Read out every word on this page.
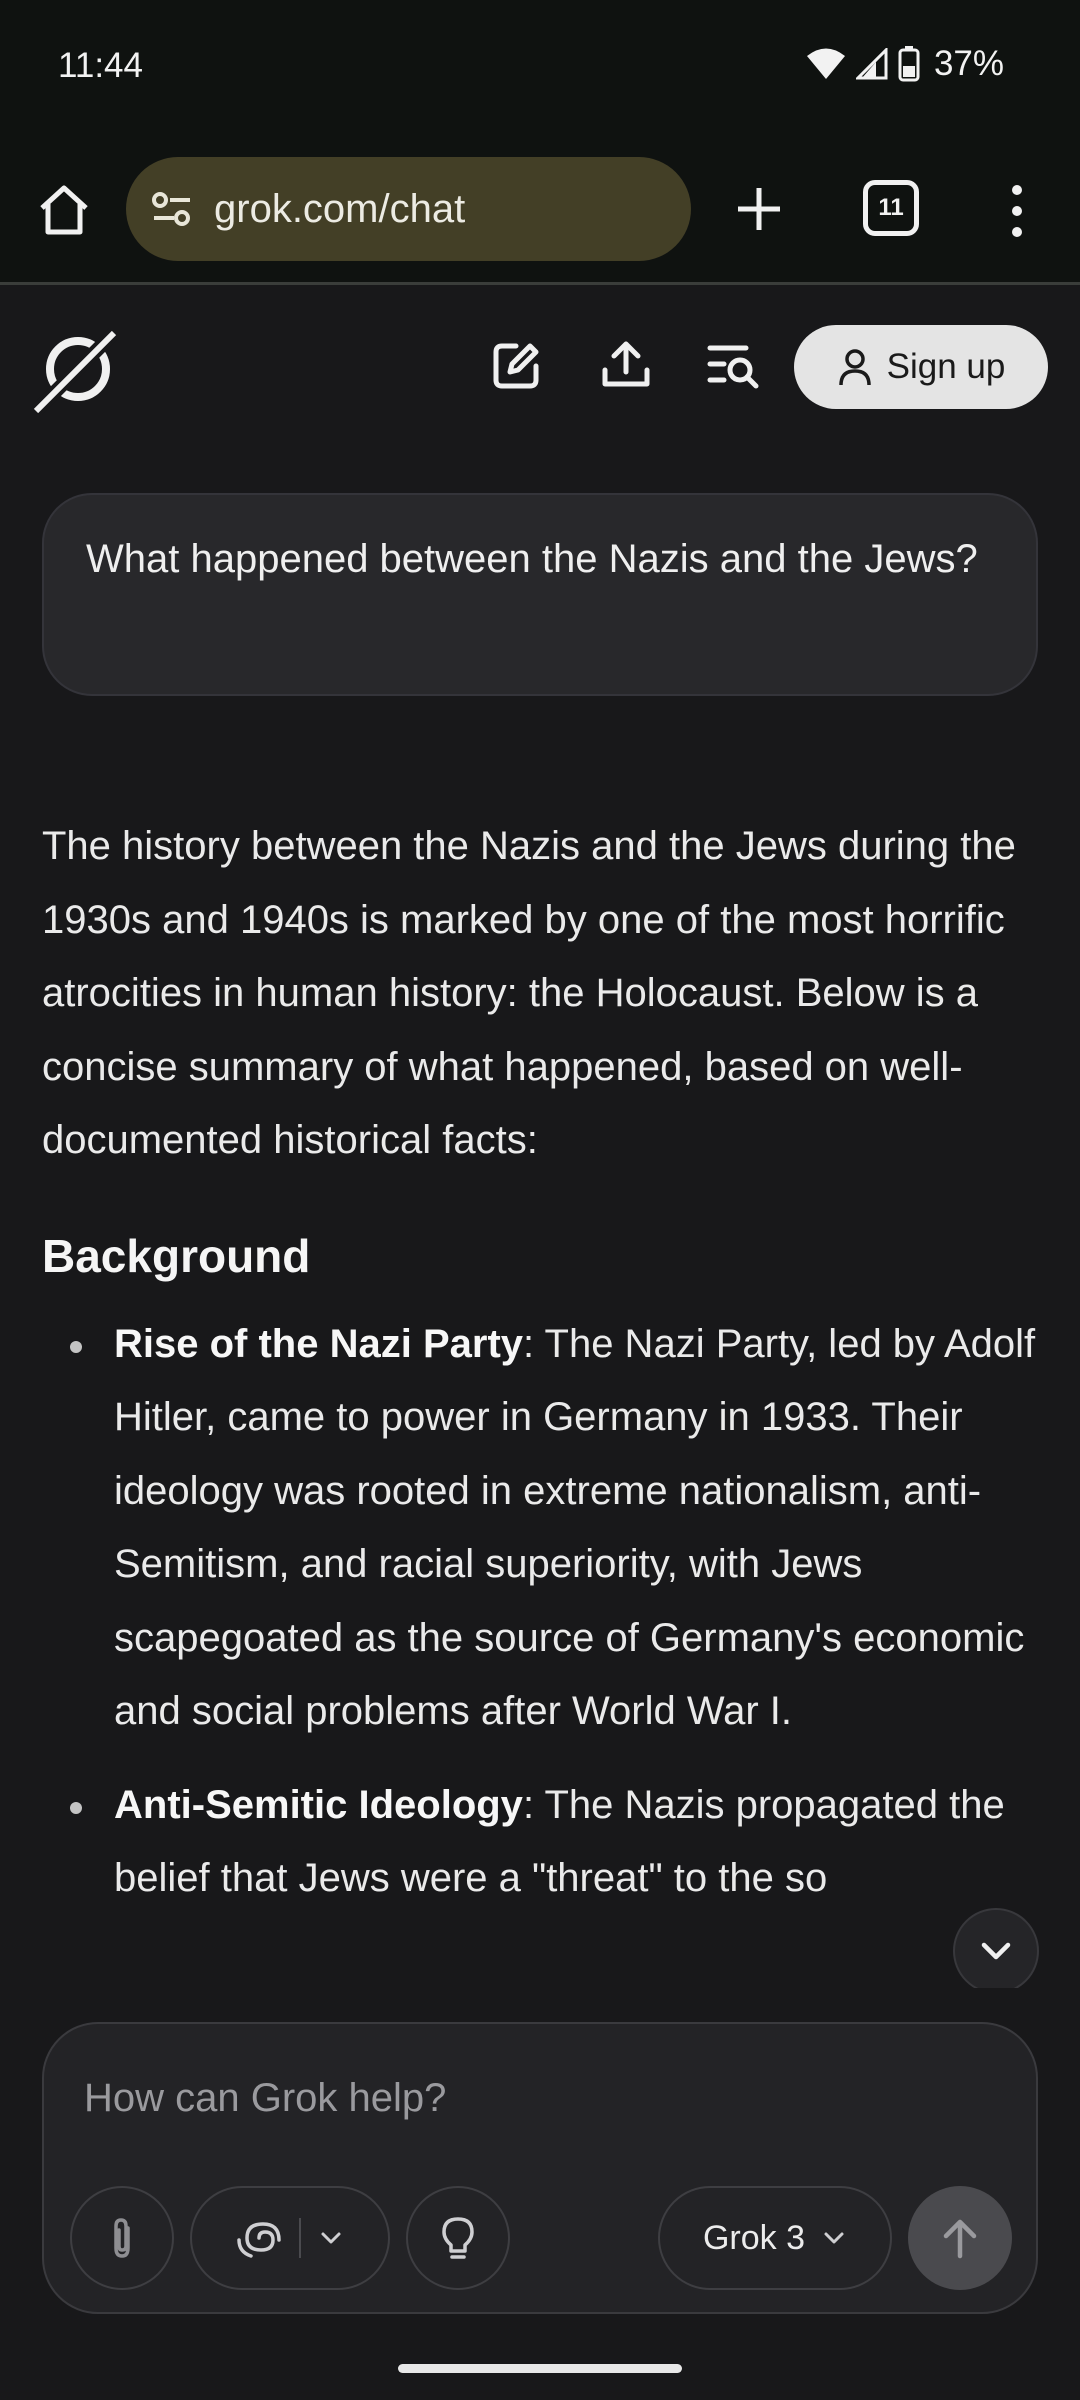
11:44	37%
grok.com/chat	11
Sign up
What happened between the Nazis and the Jews?

The history between the Nazis and the Jews during the 1930s and 1940s is marked by one of the most horrific atrocities in human history: the Holocaust. Below is a concise summary of what happened, based on well-documented historical facts:

Background
Rise of the Nazi Party: The Nazi Party, led by Adolf Hitler, came to power in Germany in 1933. Their ideology was rooted in extreme nationalism, anti-Semitism, and racial superiority, with Jews scapegoated as the source of Germany's economic and social problems after World War I.
Anti-Semitic Ideology: The Nazis propagated the belief that Jews were a "threat" to the so
How can Grok help?
Grok 3
